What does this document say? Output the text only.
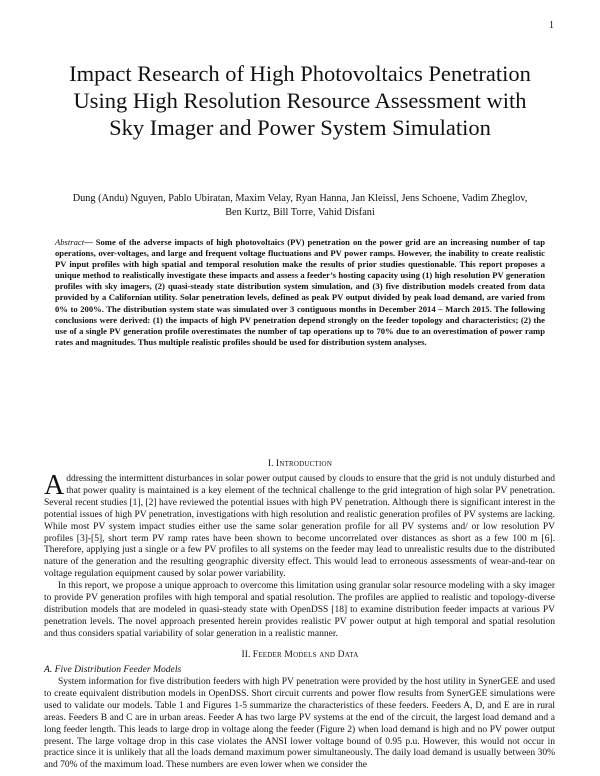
1
Impact Research of High Photovoltaics Penetration Using High Resolution Resource Assessment with Sky Imager and Power System Simulation

Dung (Andu) Nguyen, Pablo Ubiratan, Maxim Velay, Ryan Hanna, Jan Kleissl, Jens Schoene, Vadim Zheglov, Ben Kurtz, Bill Torre, Vahid Disfani

Abstract— Some of the adverse impacts of high photovoltaics (PV) penetration on the power grid are an increasing number of tap operations, over-voltages, and large and frequent voltage fluctuations and PV power ramps. However, the inability to create realistic PV input profiles with high spatial and temporal resolution make the results of prior studies questionable. This report proposes a unique method to realistically investigate these impacts and assess a feeder’s hosting capacity using (1) high resolution PV generation profiles with sky imagers, (2) quasi-steady state distribution system simulation, and (3) five distribution models created from data provided by a Californian utility. Solar penetration levels, defined as peak PV output divided by peak load demand, are varied from 0% to 200%. The distribution system state was simulated over 3 contiguous months in December 2014 – March 2015. The following conclusions were derived: (1) the impacts of high PV penetration depend strongly on the feeder topology and characteristics; (2) the use of a single PV generation profile overestimates the number of tap operations up to 70% due to an overestimation of power ramp rates and magnitudes. Thus multiple realistic profiles should be used for distribution system analyses.

I. Introduction

Addressing the intermittent disturbances in solar power output caused by clouds to ensure that the grid is not unduly disturbed and that power quality is maintained is a key element of the technical challenge to the grid integration of high solar PV penetration. Several recent studies [1], [2] have reviewed the potential issues with high PV penetration. Although there is significant interest in the potential issues of high PV penetration, investigations with high resolution and realistic generation profiles of PV systems are lacking. While most PV system impact studies either use the same solar generation profile for all PV systems and/ or low resolution PV profiles [3]-[5], short term PV ramp rates have been shown to become uncorrelated over distances as short as a few 100 m [6]. Therefore, applying just a single or a few PV profiles to all systems on the feeder may lead to unrealistic results due to the distributed nature of the generation and the resulting geographic diversity effect. This would lead to erroneous assessments of wear-and-tear on voltage regulation equipment caused by solar power variability.

In this report, we propose a unique approach to overcome this limitation using granular solar resource modeling with a sky imager to provide PV generation profiles with high temporal and spatial resolution. The profiles are applied to realistic and topology-diverse distribution models that are modeled in quasi-steady state with OpenDSS [18] to examine distribution feeder impacts at various PV penetration levels. The novel approach presented herein provides realistic PV power output at high temporal and spatial resolution and thus considers spatial variability of solar generation in a realistic manner.

II. Feeder Models and Data

A. Five Distribution Feeder Models

System information for five distribution feeders with high PV penetration were provided by the host utility in SynerGEE and used to create equivalent distribution models in OpenDSS. Short circuit currents and power flow results from SynerGEE simulations were used to validate our models. Table 1 and Figures 1-5 summarize the characteristics of these feeders. Feeders A, D, and E are in rural areas. Feeders B and C are in urban areas. Feeder A has two large PV systems at the end of the circuit, the largest load demand and a long feeder length. This leads to large drop in voltage along the feeder (Figure 2) when load demand is high and no PV power output present. The large voltage drop in this case violates the ANSI lower voltage bound of 0.95 p.u. However, this would not occur in practice since it is unlikely that all the loads demand maximum power simultaneously. The daily load demand is usually between 30% and 70% of the maximum load. These numbers are even lower when we consider the
